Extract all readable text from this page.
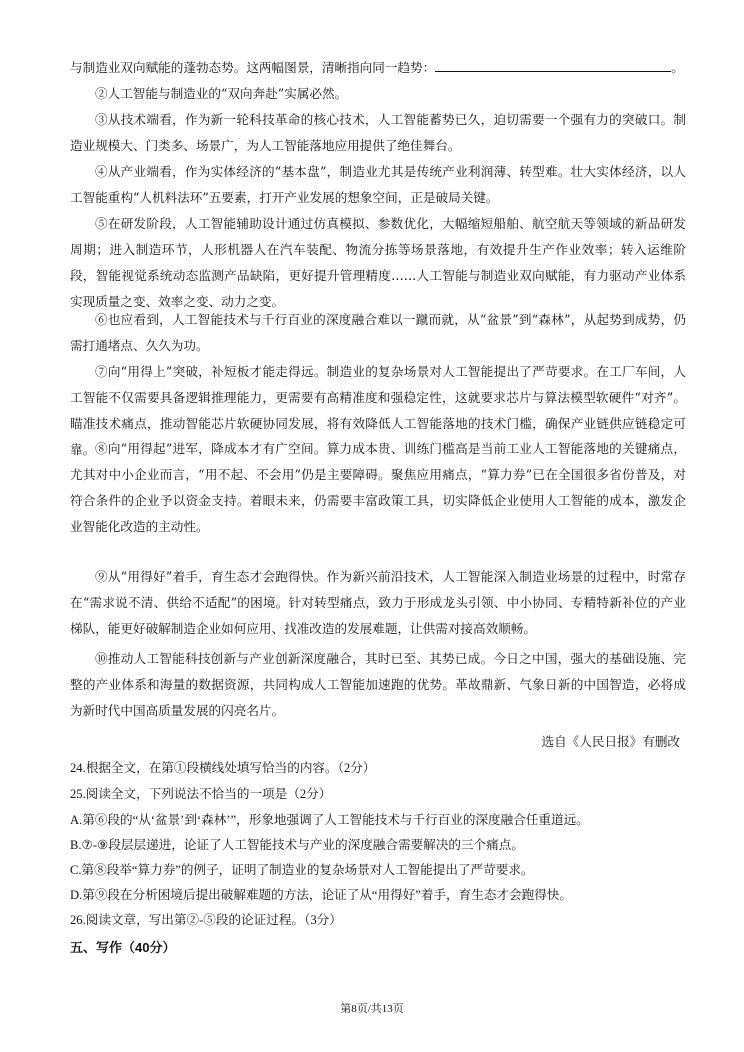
与制造业双向赋能的蓬勃态势。这两幅图景，清晰指向同一趋势：	。

②人工智能与制造业的“双向奔赴”实属必然。

③从技术端看，作为新一轮科技革命的核心技术，人工智能蓄势已久，迫切需要一个强有力的突破口。制造业规模大、门类多、场景广，为人工智能落地应用提供了绝佳舞台。

④从产业端看，作为实体经济的“基本盘”，制造业尤其是传统产业利润薄、转型难。壮大实体经济，以人工智能重构“人机料法环”五要素，打开产业发展的想象空间，正是破局关键。

⑤在研发阶段，人工智能辅助设计通过仿真模拟、参数优化，大幅缩短船舶、航空航天等领域的新品研发周期；进入制造环节，人形机器人在汽车装配、物流分拣等场景落地，有效提升生产作业效率；转入运维阶段，智能视觉系统动态监测产品缺陷，更好提升管理精度……人工智能与制造业双向赋能，有力驱动产业体系实现质量之变、效率之变、动力之变。

⑥也应看到，人工智能技术与千行百业的深度融合难以一蹴而就，从“盆景”到“森林”，从起势到成势，仍需打通堵点、久久为功。

⑦向“用得上”突破，补短板才能走得远。制造业的复杂场景对人工智能提出了严苛要求。在工厂车间，人工智能不仅需要具备逻辑推理能力，更需要有高精准度和强稳定性，这就要求芯片与算法模型软硬件“对齐”。瞄准技术痛点，推动智能芯片软硬协同发展，将有效降低人工智能落地的技术门槛，确保产业链供应链稳定可靠。 ⑧向“用得起”进军，降成本才有广空间。算力成本贵、训练门槛高是当前工业人工智能落地的关键痛点，尤其对中小企业而言，“用不起、不会用”仍是主要障碍。聚焦应用痛点，“算力券”已在全国很多省份普及，对符合条件的企业予以资金支持。着眼未来，仍需要丰富政策工具，切实降低企业使用人工智能的成本，激发企业智能化改造的主动性。

⑨从“用得好”着手，育生态才会跑得快。作为新兴前沿技术，人工智能深入制造业场景的过程中，时常存在“需求说不清、供给不适配”的困境。针对转型痛点，致力于形成龙头引领、中小协同、专精特新补位的产业梯队，能更好破解制造企业如何应用、找准改造的发展难题，让供需对接高效顺畅。

⑩推动人工智能科技创新与产业创新深度融合，其时已至、其势已成。今日之中国，强大的基础设施、完整的产业体系和海量的数据资源，共同构成人工智能加速跑的优势。革故鼎新、气象日新的中国智造，必将成为新时代中国高质量发展的闪亮名片。

选自《人民日报》有删改

24.根据全文，在第①段横线处填写恰当的内容。（2分）

25.阅读全文，下列说法不恰当的一项是（2分）

A.第⑥段的“从‘盆景’到‘森林’”，形象地强调了人工智能技术与千行百业的深度融合任重道远。

B.⑦-⑨段层层递进，论证了人工智能技术与产业的深度融合需要解决的三个痛点。

C.第⑧段举“算力券”的例子，证明了制造业的复杂场景对人工智能提出了严苛要求。

D.第⑨段在分析困境后提出破解难题的方法，论证了从“用得好”着手，育生态才会跑得快。

26.阅读文章，写出第②-⑤段的论证过程。（3分）

五、写作（40分）
第8页/共13页
